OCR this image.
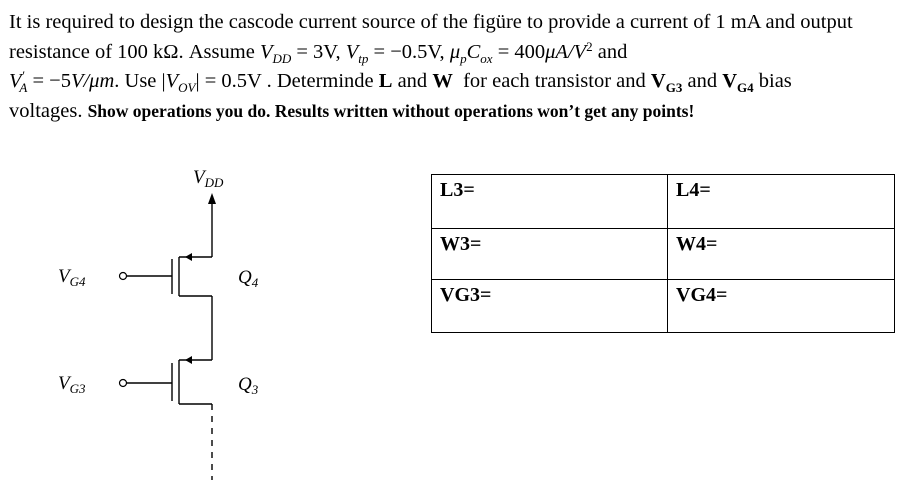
It is required to design the cascode current source of the figüre to provide a current of 1 mA and output
resistance of 100 kΩ. Assume $V_{DD} = 3V$, $V_{tp} = -0.5V$, $\mu_pC_{ox} = 400\mu A/V^2$ and
$V'_A = -5V/\mu m$. Use $|V_{OV}| = 0.5V$ . Determinde L and W  for each transistor and $V_{G3}$ and $V_{G4}$ bias
voltages. Show operations you do. Results written without operations won’t get any points!
$V_{DD}$
$V_{G4}$	$Q_4$
$V_{G3}$	$Q_3$
L3=	L4=
W3=	W4=
VG3=	VG4=
